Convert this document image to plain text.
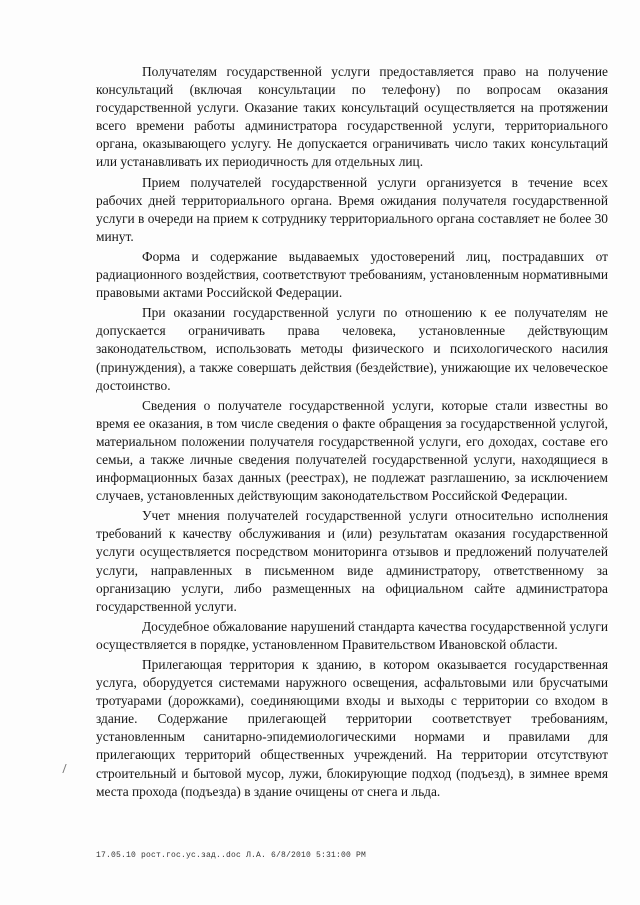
Получателям государственной услуги предоставляется право на получение консультаций (включая консультации по телефону) по вопросам оказания государственной услуги. Оказание таких консультаций осуществляется на протяжении всего времени работы администратора государственной услуги, территориального органа, оказывающего услугу. Не допускается ограничивать число таких консультаций или устанавливать их периодичность для отдельных лиц.

Прием получателей государственной услуги организуется в течение всех рабочих дней территориального органа. Время ожидания получателя государственной услуги в очереди на прием к сотруднику территориального органа составляет не более 30 минут.

Форма и содержание выдаваемых удостоверений лиц, пострадавших от радиационного воздействия, соответствуют требованиям, установленным нормативными правовыми актами Российской Федерации.

При оказании государственной услуги по отношению к ее получателям не допускается ограничивать права человека, установленные действующим законодательством, использовать методы физического и психологического насилия (принуждения), а также совершать действия (бездействие), унижающие их человеческое достоинство.

Сведения о получателе государственной услуги, которые стали известны во время ее оказания, в том числе сведения о факте обращения за государственной услугой, материальном положении получателя государственной услуги, его доходах, составе его семьи, а также личные сведения получателей государственной услуги, находящиеся в информационных базах данных (реестрах), не подлежат разглашению, за исключением случаев, установленных действующим законодательством Российской Федерации.

Учет мнения получателей государственной услуги относительно исполнения требований к качеству обслуживания и (или) результатам оказания государственной услуги осуществляется посредством мониторинга отзывов и предложений получателей услуги, направленных в письменном виде администратору, ответственному за организацию услуги, либо размещенных на официальном сайте администратора государственной услуги.

Досудебное обжалование нарушений стандарта качества государственной услуги осуществляется в порядке, установленном Правительством Ивановской области.

Прилегающая территория к зданию, в котором оказывается государственная услуга, оборудуется системами наружного освещения, асфальтовыми или брусчатыми тротуарами (дорожками), соединяющими входы и выходы с территории со входом в здание. Содержание прилегающей территории соответствует требованиям, установленным санитарно-эпидемиологическими нормами и правилами для прилегающих территорий общественных учреждений. На территории отсутствуют строительный и бытовой мусор, лужи, блокирующие подход (подъезд), в зимнее время места прохода (подъезда) в здание очищены от снега и льда.

17.05.10 рост.гос.ус.зад..doc Л.А. 6/8/2010 5:31:00 PM
